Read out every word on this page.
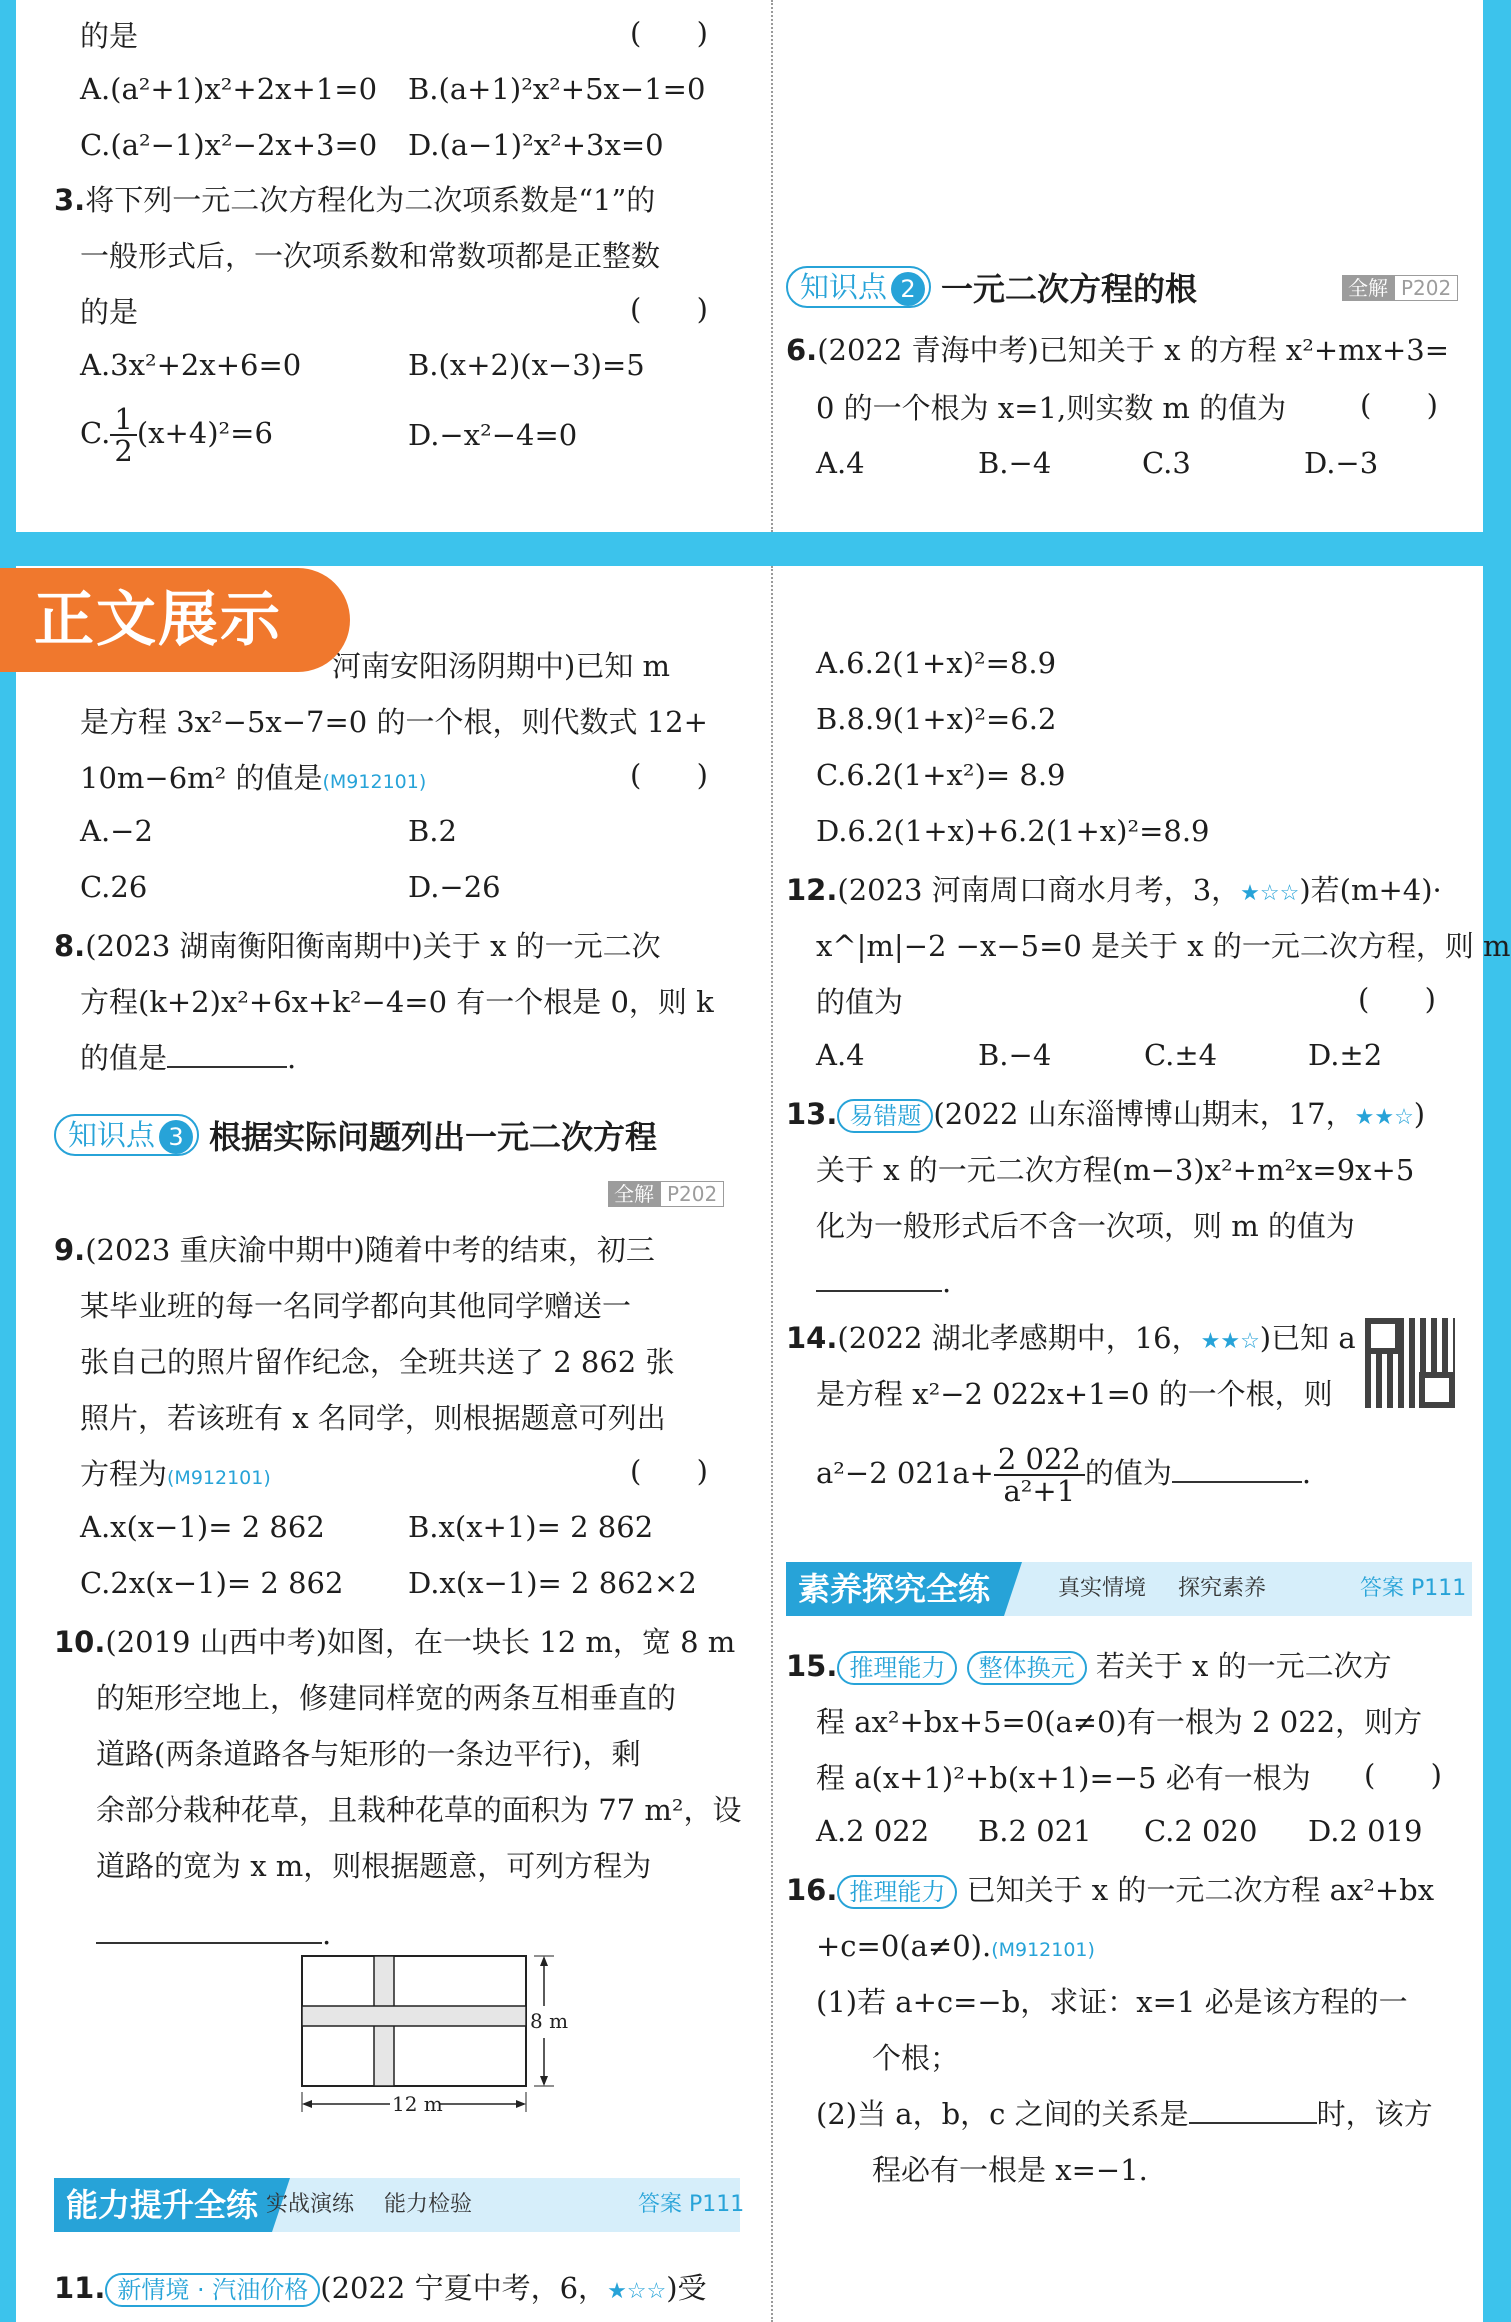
的是	(      )
A.(a²+1)x²+2x+1=0 B.(a+1)²x²+5x−1=0
C.(a²−1)x²−2x+3=0 D.(a−1)²x²+3x=0
3.将下列一元二次方程化为二次项系数是“1”的
一般形式后，一次项系数和常数项都是正整数
的是	(      )
A.3x²+2x+6=0	B.(x+2)(x−3)=5
C. $\frac{1}{2} (x+4)^2=6$	D.−x²−4=0
知识点 2 一元二次方程的根	全解 P202
6.(2022 青海中考)已知关于 x 的方程 x²+mx+3=
0 的一个根为 x=1,则实数 m 的值为	(      )
A.4	B.−4	C.3	D.−3
河南安阳汤阴期中)已知 m
是方程 3x²−5x−7=0 的一个根，则代数式 12+
10m−6m² 的值是(M912101)	(      )
A.−2	B.2
C.26	D.−26
8.(2023 湖南衡阳衡南期中)关于 x 的一元二次
方程(k+2)x²+6x+k²−4=0 有一个根是 0，则 k
的值是	.
知识点 3 根据实际问题列出一元二次方程
全解 P202
9.(2023 重庆渝中期中)随着中考的结束，初三
某毕业班的每一名同学都向其他同学赠送一
张自己的照片留作纪念，全班共送了 2 862 张
照片，若该班有 x 名同学，则根据题意可列出
方程为(M912101)	(      )
A.x(x−1)= 2 862	B.x(x+1)= 2 862
C.2x(x−1)= 2 862 D.x(x−1)= 2 862×2
10.(2019 山西中考)如图，在一块长 12 m，宽 8 m
的矩形空地上，修建同样宽的两条互相垂直的
道路(两条道路各与矩形的一条边平行)，剩
余部分栽种花草，且栽种花草的面积为 77 m²，设
道路的宽为 x m，则根据题意，可列方程为
.
8 m
12 m
能力提升全练 实战演练 能力检验	答案 P111
11. 新情境 · 汽油价格 (2022 宁夏中考，6，★☆☆)受
A.6.2(1+x)²=8.9
B.8.9(1+x)²=6.2
C.6.2(1+x²)= 8.9
D.6.2(1+x)+6.2(1+x)²=8.9
12.(2023 河南周口商水月考，3，★☆☆)若(m+4)·
x^|m|−2 −x−5=0 是关于 x 的一元二次方程，则 m
的值为	(      )
A.4	B.−4	C.±4	D.±2
13. 易错题 (2022 山东淄博博山期末，17，★★☆)
关于 x 的一元二次方程(m−3)x²+m²x=9x+5
化为一般形式后不含一次项，则 m 的值为
.
14.(2022 湖北孝感期中，16，★★☆)已知 a
是方程 x²−2 022x+1=0 的一个根，则
a²−2 $021a+ \frac{2 022}{\text{a²+1}}$ 的值为	.
素养探究全练	真实情境 探究素养	答案 P111
15. 推理能力 整体换元 若关于 x 的一元二次方
程 ax²+bx+5=0(a≠0)有一根为 2 022，则方
程 a(x+1)²+b(x+1)=−5 必有一根为 (      )
A.2 022 B.2 021 C.2 020 D.2 019
16. 推理能力 已知关于 x 的一元二次方程 ax²+bx
+c=0(a≠0).(M912101)
(1)若 a+c=−b，求证：x=1 必是该方程的一
个根；
(2)当 a，b，c 之间的关系是	时，该方
程必有一根是 x=−1.
正文展示
